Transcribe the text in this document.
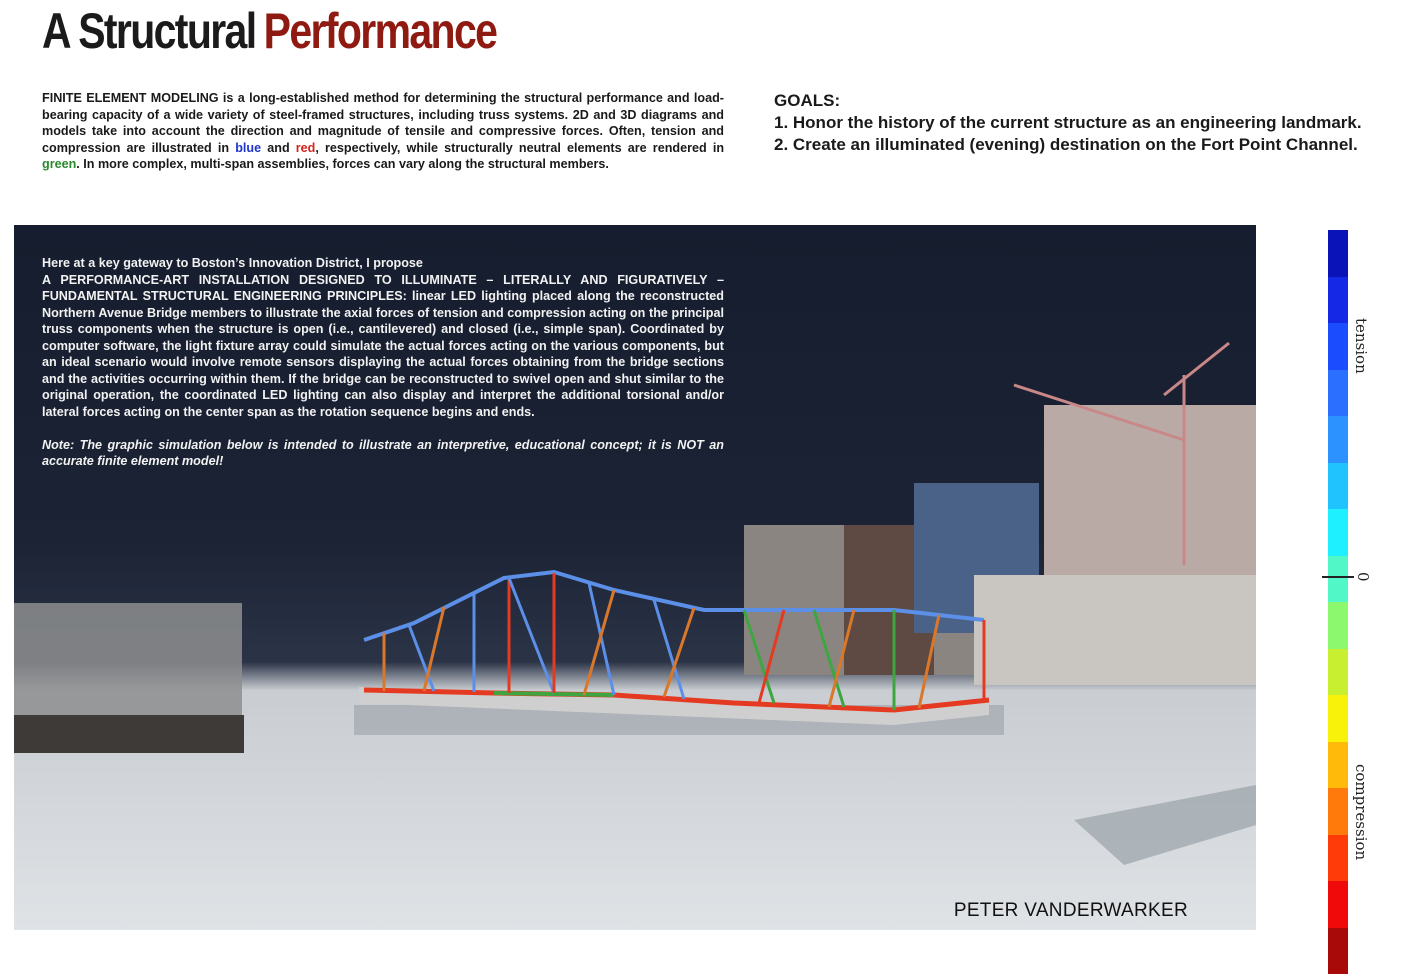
A Structural Performance
FINITE ELEMENT MODELING is a long-established method for determining the structural performance and load-bearing capacity of a wide variety of steel-framed structures, including truss systems. 2D and 3D diagrams and models take into account the direction and magnitude of tensile and compressive forces. Often, tension and compression are illustrated in blue and red, respectively, while structurally neutral elements are rendered in green. In more complex, multi-span assemblies, forces can vary along the structural members.
GOALS:
1. Honor the history of the current structure as an engineering landmark.
2. Create an illuminated (evening) destination on the Fort Point Channel.
Here at a key gateway to Boston’s Innovation District, I propose
A PERFORMANCE-ART INSTALLATION DESIGNED TO ILLUMINATE – LITERALLY AND FIGURATIVELY – FUNDAMENTAL STRUCTURAL ENGINEERING PRINCIPLES: linear LED lighting placed along the reconstructed Northern Avenue Bridge members to illustrate the axial forces of tension and compression acting on the principal truss components when the structure is open (i.e., cantilevered) and closed (i.e., simple span). Coordinated by computer software, the light fixture array could simulate the actual forces acting on the various components, but an ideal scenario would involve remote sensors displaying the actual forces obtaining from the bridge sections and the activities occurring within them. If the bridge can be reconstructed to swivel open and shut similar to the original operation, the coordinated LED lighting can also display and interpret the additional torsional and/or lateral forces acting on the center span as the rotation sequence begins and ends.
Note: The graphic simulation below is intended to illustrate an interpretive, educational concept; it is NOT an accurate finite element model!
PETER VANDERWARKER
tension
0
compression
